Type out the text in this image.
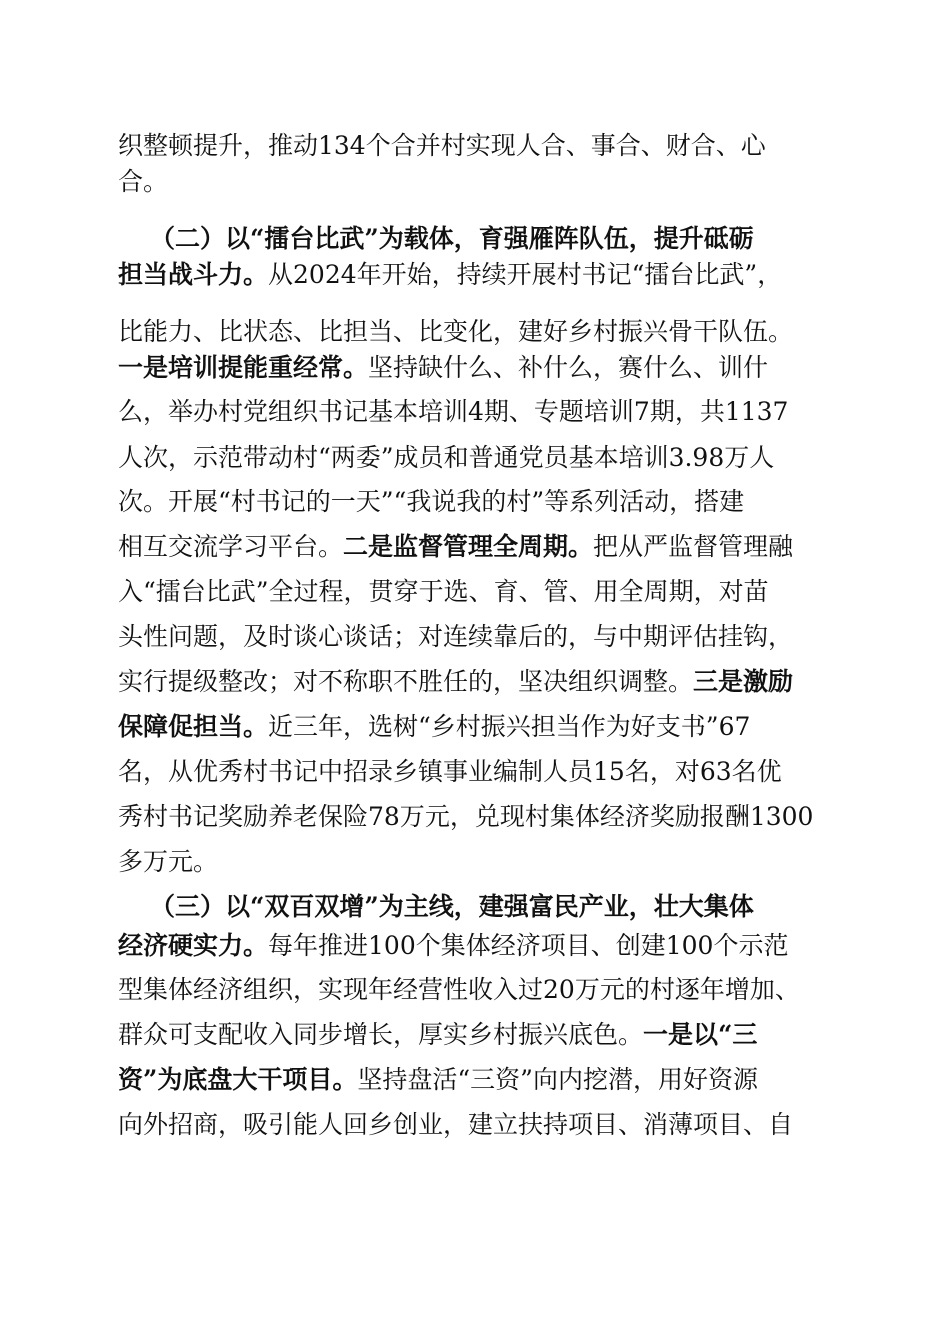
织整顿提升，推动134个合并村实现人合、事合、财合、心
合。
（二）以“擂台比武”为载体，育强雁阵队伍，提升砥砺
担当战斗力。从2024年开始，持续开展村书记“擂台比武”，
比能力、比状态、比担当、比变化，建好乡村振兴骨干队伍。
一是培训提能重经常。坚持缺什么、补什么，赛什么、训什
么，举办村党组织书记基本培训4期、专题培训7期，共1137
人次，示范带动村“两委”成员和普通党员基本培训3.98万人
次。开展“村书记的一天”“我说我的村”等系列活动，搭建
相互交流学习平台。二是监督管理全周期。把从严监督管理融
入“擂台比武”全过程，贯穿于选、育、管、用全周期，对苗
头性问题，及时谈心谈话；对连续靠后的，与中期评估挂钩，
实行提级整改；对不称职不胜任的，坚决组织调整。三是激励
保障促担当。近三年，选树“乡村振兴担当作为好支书”67
名，从优秀村书记中招录乡镇事业编制人员15名，对63名优
秀村书记奖励养老保险78万元，兑现村集体经济奖励报酬1300
多万元。
（三）以“双百双增”为主线，建强富民产业，壮大集体
经济硬实力。每年推进100个集体经济项目、创建100个示范
型集体经济组织，实现年经营性收入过20万元的村逐年增加、
群众可支配收入同步增长，厚实乡村振兴底色。一是以“三
资”为底盘大干项目。坚持盘活“三资”向内挖潜，用好资源
向外招商，吸引能人回乡创业，建立扶持项目、消薄项目、自
